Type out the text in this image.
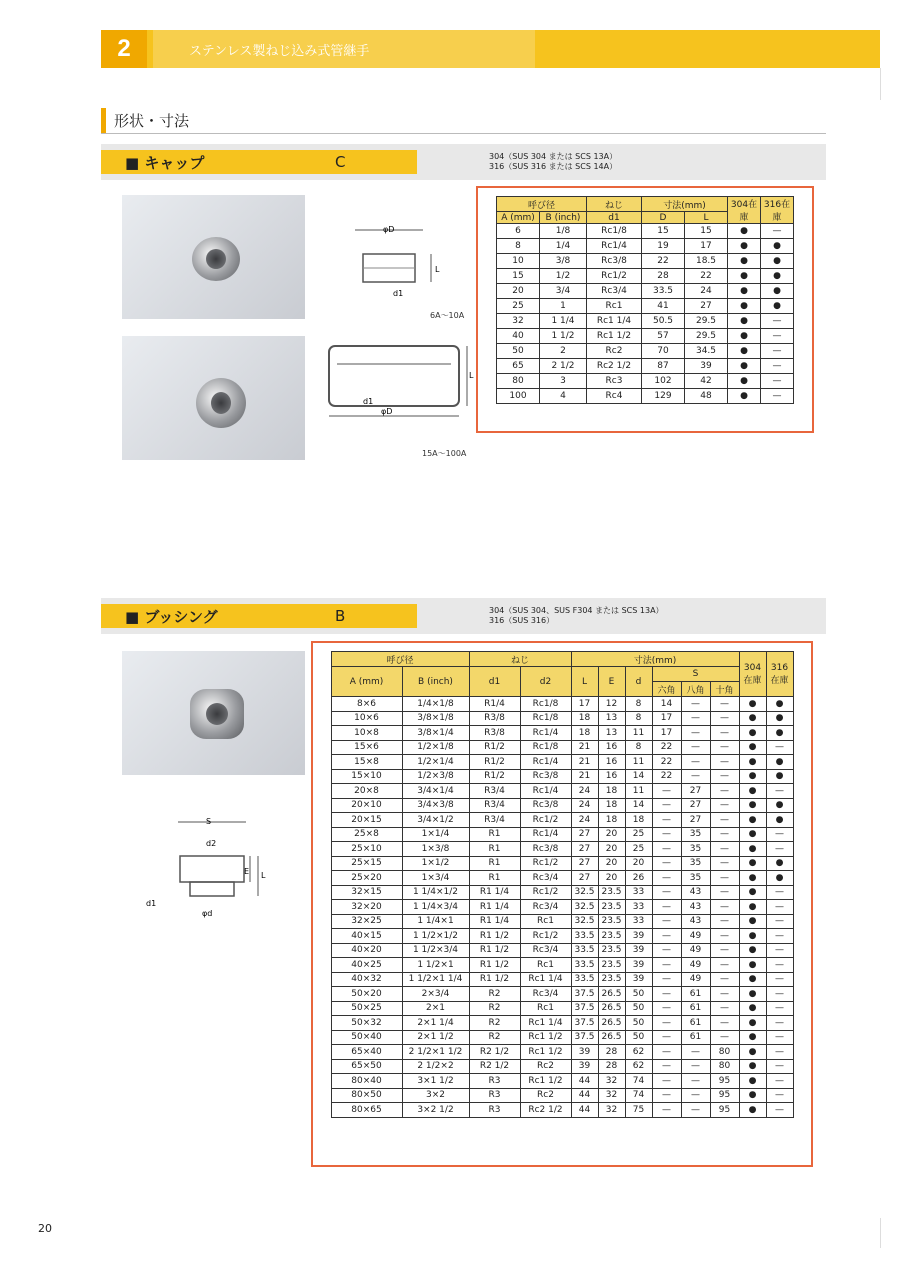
2	ステンレス製ねじ込み式管継手
形状・寸法
■ キャップ	C	304（SUS 304 または SCS 13A）
316（SUS 316 または SCS 14A）
φD
L
d1
6A～10A
φD
L
d1
15A～100A
呼び径		ねじ	寸法(mm)		304在庫	316在庫
A (mm)	B (inch)	d1	D	L		
6	1/8	Rc1/8	15	15	●	—
8	1/4	Rc1/4	19	17	●	●
10	3/8	Rc3/8	22	18.5	●	●
15	1/2	Rc1/2	28	22	●	●
20	3/4	Rc3/4	33.5	24	●	●
25	1	Rc1	41	27	●	●
32	1 1/4	Rc1 1/4	50.5	29.5	●	—
40	1 1/2	Rc1 1/2	57	29.5	●	—
50	2	Rc2	70	34.5	●	—
65	2 1/2	Rc2 1/2	87	39	●	—
80	3	Rc3	102	42	●	—
100	4	Rc4	129	48	●	—
■ ブッシング	B	304（SUS 304、SUS F304 または SCS 13A）
316（SUS 316）
S
d2
d1
φd
E L
呼び径		ねじ		寸法(mm)						304在庫	316在庫
A (mm)	B (inch)	d1	d2	L	E	d	S				
							六角	八角	十角		
8×6	1/4×1/8	R1/4	Rc1/8	17	12	8	14	—	—	●	●
10×6	3/8×1/8	R3/8	Rc1/8	18	13	8	17	—	—	●	●
10×8	3/8×1/4	R3/8	Rc1/4	18	13	11	17	—	—	●	●
15×6	1/2×1/8	R1/2	Rc1/8	21	16	8	22	—	—	●	—
15×8	1/2×1/4	R1/2	Rc1/4	21	16	11	22	—	—	●	●
15×10	1/2×3/8	R1/2	Rc3/8	21	16	14	22	—	—	●	●
20×8	3/4×1/4	R3/4	Rc1/4	24	18	11	—	27	—	●	—
20×10	3/4×3/8	R3/4	Rc3/8	24	18	14	—	27	—	●	●
20×15	3/4×1/2	R3/4	Rc1/2	24	18	18	—	27	—	●	●
25×8	1×1/4	R1	Rc1/4	27	20	25	—	35	—	●	—
25×10	1×3/8	R1	Rc3/8	27	20	25	—	35	—	●	—
25×15	1×1/2	R1	Rc1/2	27	20	20	—	35	—	●	●
25×20	1×3/4	R1	Rc3/4	27	20	26	—	35	—	●	●
32×15	1 1/4×1/2	R1 1/4	Rc1/2	32.5	23.5	33	—	43	—	●	—
32×20	1 1/4×3/4	R1 1/4	Rc3/4	32.5	23.5	33	—	43	—	●	—
32×25	1 1/4×1	R1 1/4	Rc1	32.5	23.5	33	—	43	—	●	—
40×15	1 1/2×1/2	R1 1/2	Rc1/2	33.5	23.5	39	—	49	—	●	—
40×20	1 1/2×3/4	R1 1/2	Rc3/4	33.5	23.5	39	—	49	—	●	—
40×25	1 1/2×1	R1 1/2	Rc1	33.5	23.5	39	—	49	—	●	—
40×32	1 1/2×1 1/4	R1 1/2	Rc1 1/4	33.5	23.5	39	—	49	—	●	—
50×20	2×3/4	R2	Rc3/4	37.5	26.5	50	—	61	—	●	—
50×25	2×1	R2	Rc1	37.5	26.5	50	—	61	—	●	—
50×32	2×1 1/4	R2	Rc1 1/4	37.5	26.5	50	—	61	—	●	—
50×40	2×1 1/2	R2	Rc1 1/2	37.5	26.5	50	—	61	—	●	—
65×40	2 1/2×1 1/2	R2 1/2	Rc1 1/2	39	28	62	—	—	80	●	—
65×50	2 1/2×2	R2 1/2	Rc2	39	28	62	—	—	80	●	—
80×40	3×1 1/2	R3	Rc1 1/2	44	32	74	—	—	95	●	—
80×50	3×2	R3	Rc2	44	32	74	—	—	95	●	—
80×65	3×2 1/2	R3	Rc2 1/2	44	32	75	—	—	95	●	—
20
